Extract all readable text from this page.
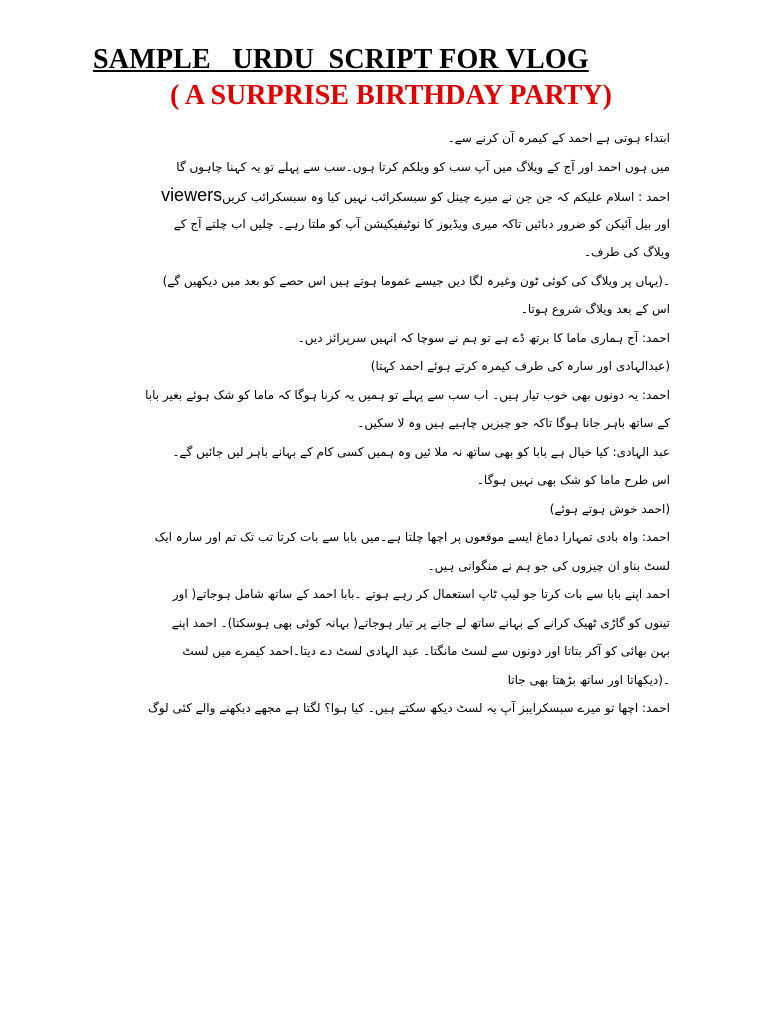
SAMPLE   URDU  SCRIPT FOR VLOG
( A SURPRISE BIRTHDAY PARTY)
ابتداء ہوتی ہے احمد کے کیمرہ آن کرنے سے۔
میں ہوں احمد اور آج کے ویلاگ میں آپ سب کو ویلکم کرتا ہوں۔سب سے پہلے تو یہ کہنا چاہوں گا
احمد : اسلام علیکم کہ جن جن نے میرے چینل کو سبسکرائب نہیں کیا وہ سبسکرائب کریںviewers
اور بیل آئیکن کو ضرور دبائیں تاکہ میری ویڈیوز کا نوٹیفیکیشن آپ کو ملتا رہے۔ چلیں اب چلتے آج کے
ویلاگ کی طرف۔
۔(یہاں پر ویلاگ کی کوئی ٹون وغیرہ لگا دیں جیسے عموما ہوتے ہیں اس حصے کو بعد میں دیکھیں گے)
اس کے بعد ویلاگ شروع ہوتا۔
احمد: آج ہماری ماما کا برتھ ڈے ہے تو ہم نے سوچا کہ انہیں سرپرائز دیں۔
(عبدالہادی اور سارہ کی طرف کیمرہ کرتے ہوئے احمد کہتا)
احمد: یہ دونوں بھی خوب تیار ہیں۔ اب سب سے پہلے تو ہمیں یہ کرنا ہوگا کہ ماما کو شک ہوئے بغیر بابا
کے ساتھ باہر جانا ہوگا تاکہ جو چیزیں چاہیے ہیں وہ لا سکیں۔
عبد الہادی: کیا خیال ہے بابا کو بھی ساتھ نہ ملا ئیں وہ ہمیں کسی کام کے بہانے باہر لیں جائیں گے۔
اس طرح ماما کو شک بھی نہیں ہوگا۔
(احمد خوش ہوتے ہوئے)
احمد: واہ بادی تمہارا دماغ ایسے موقعوں پر اچھا چلتا ہے۔میں بابا سے بات کرتا تب تک تم اور سارہ ایک
لسٹ بناو ان چیزوں کی جو ہم نے منگوانی ہیں۔
احمد اپنے بابا سے بات کرتا جو لیپ ٹاپ استعمال کر رہے ہوتے ۔بابا احمد کے ساتھ شامل ہوجاتے( اور
تینوں کو گاڑی ٹھیک کرانے کے بہانے ساتھ لے جانے پر تیار ہوجاتے( بہانہ کوئی بھی ہوسکتا)۔ احمد اپنے
بہن بھائی کو آکر بتاتا اور دونوں سے لسٹ مانگتا۔ عبد الہادی لسٹ دے دیتا۔احمد کیمرے میں لسٹ
۔(دیکھاتا اور ساتھ بڑھتا بھی جاتا
احمد: اچھا تو میرے سبسکرایبز آپ یہ لسٹ دیکھ سکتے ہیں۔ کیا ہوا؟ لگتا ہے مجھے دیکھنے والے کئی لوگ
